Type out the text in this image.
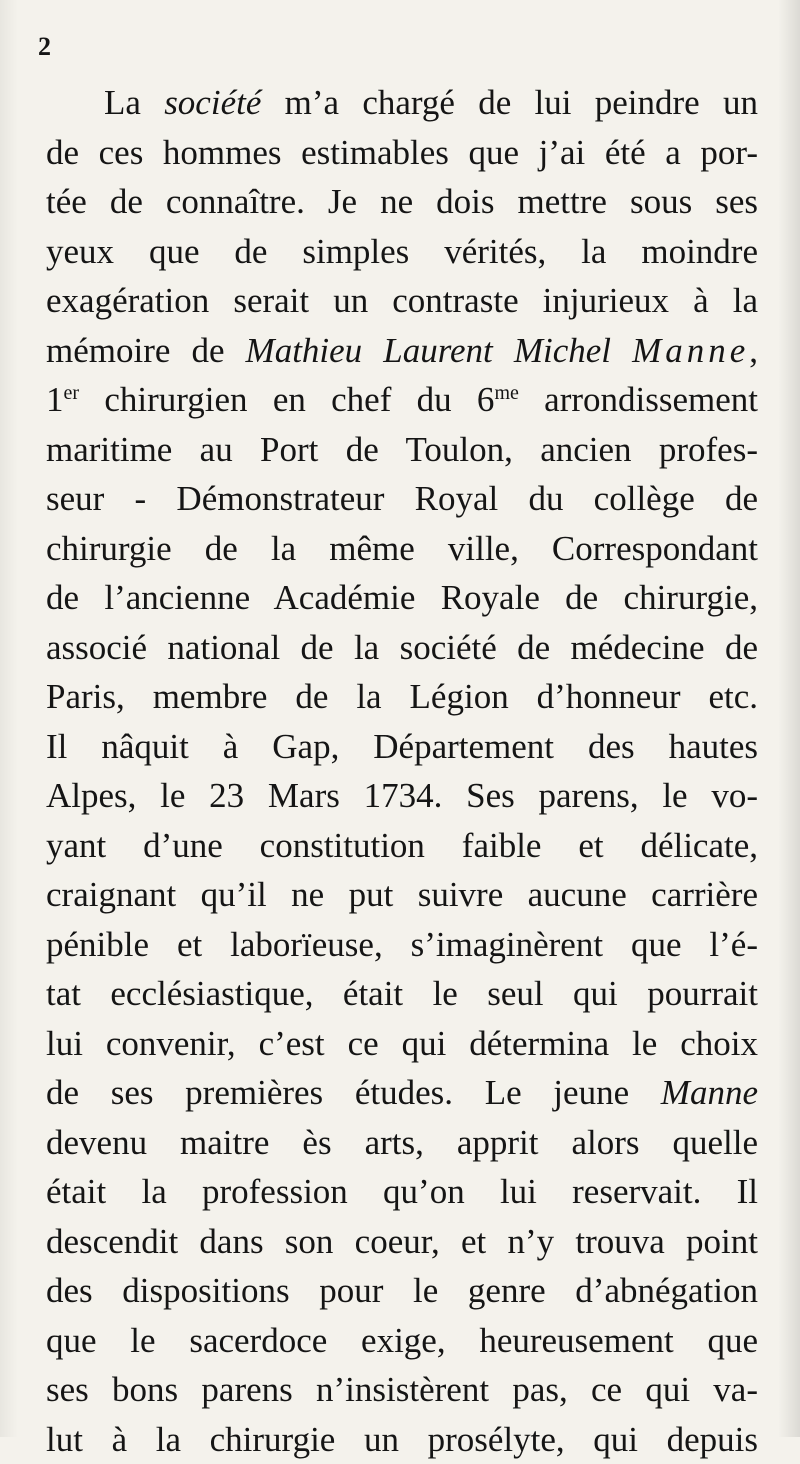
2
La société m’a chargé de lui peindre un
de ces hommes estimables que j’ai été a por-
tée de connaître. Je ne dois mettre sous ses
yeux que de simples vérités, la moindre
exagération serait un contraste injurieux à la
mémoire de Mathieu Laurent Michel Manne,
1er chirurgien en chef du $6^{me}$ arrondissement
maritime au Port de Toulon, ancien profes-
seur - Démonstrateur Royal du collège de
chirurgie de la même ville, Correspondant
de l’ancienne Académie Royale de chirurgie,
associé national de la société de médecine de
Paris, membre de la Légion d’honneur etc.
Il nâquit à Gap, Département des hautes
Alpes, le 23 Mars 1734. Ses parens, le vo-
yant d’une constitution faible et délicate,
craignant qu’il ne put suivre aucune carrière
pénible et laborïeuse, s’imaginèrent que l’é-
tat ecclésiastique, était le seul qui pourrait
lui convenir, c’est ce qui détermina le choix
de ses premières études. Le jeune Manne
devenu maitre ès arts, apprit alors quelle
était la profession qu’on lui reservait. Il
descendit dans son coeur, et n’y trouva point
des dispositions pour le genre d’abnégation
que le sacerdoce exige, heureusement que
ses bons parens n’insistèrent pas, ce qui va-
lut à la chirurgie un prosélyte, qui depuis
